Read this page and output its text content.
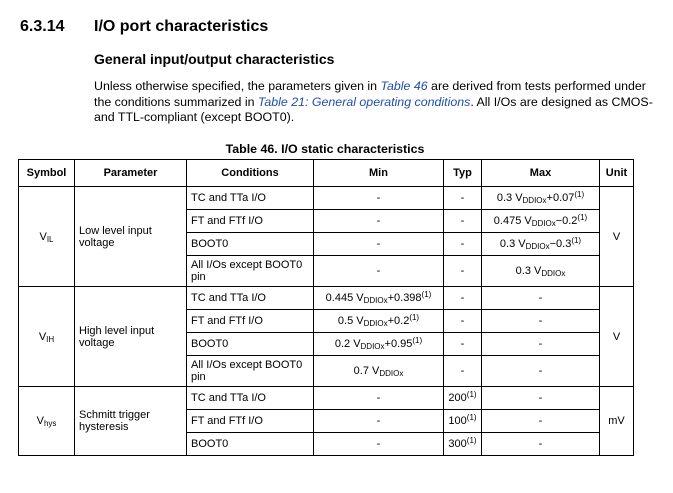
6.3.14 I/O port characteristics
General input/output characteristics
Unless otherwise specified, the parameters given in Table 46 are derived from tests performed under the conditions summarized in Table 21: General operating conditions. All I/Os are designed as CMOS- and TTL-compliant (except BOOT0).
Table 46. I/O static characteristics
Symbol	Parameter	Conditions	Min	Typ	Max	Unit
$V_{IL}$	Low level input voltage	TC and TTa I/O	-	-	0.3 $V_{DDIOx}+0.07^{(1)}$	V
		FT and FTf I/O	-	-	0.475 $V_{DDIOx}-0.2^{(1)}$
		BOOT0	-	-	0.3 $V_{DDIOx}-0.3^{(1)}$
		All I/Os except BOOT0 pin	-	-	0.3 $V_{DDIOx}$
$V_{IH}$	High level input voltage	TC and TTa I/O	0.445 $V_{DDIOx}+0.398^{(1)}$	-	-	V
		FT and FTf I/O	0.5 $V_{DDIOx}+0.2^{(1)}$	-	-	
		BOOT0	0.2 $V_{DDIOx}+0.95^{(1)}$	-	-	
		All I/Os except BOOT0 pin	0.7 $V_{DDIOx}$	-	-	
$V_{hys}$	Schmitt trigger hysteresis	TC and TTa I/O	-	200$^{(1)}$	-	mV
		FT and FTf I/O	-	100$^{(1)}$	-	
		BOOT0	-	300$^{(1)}$	-	
